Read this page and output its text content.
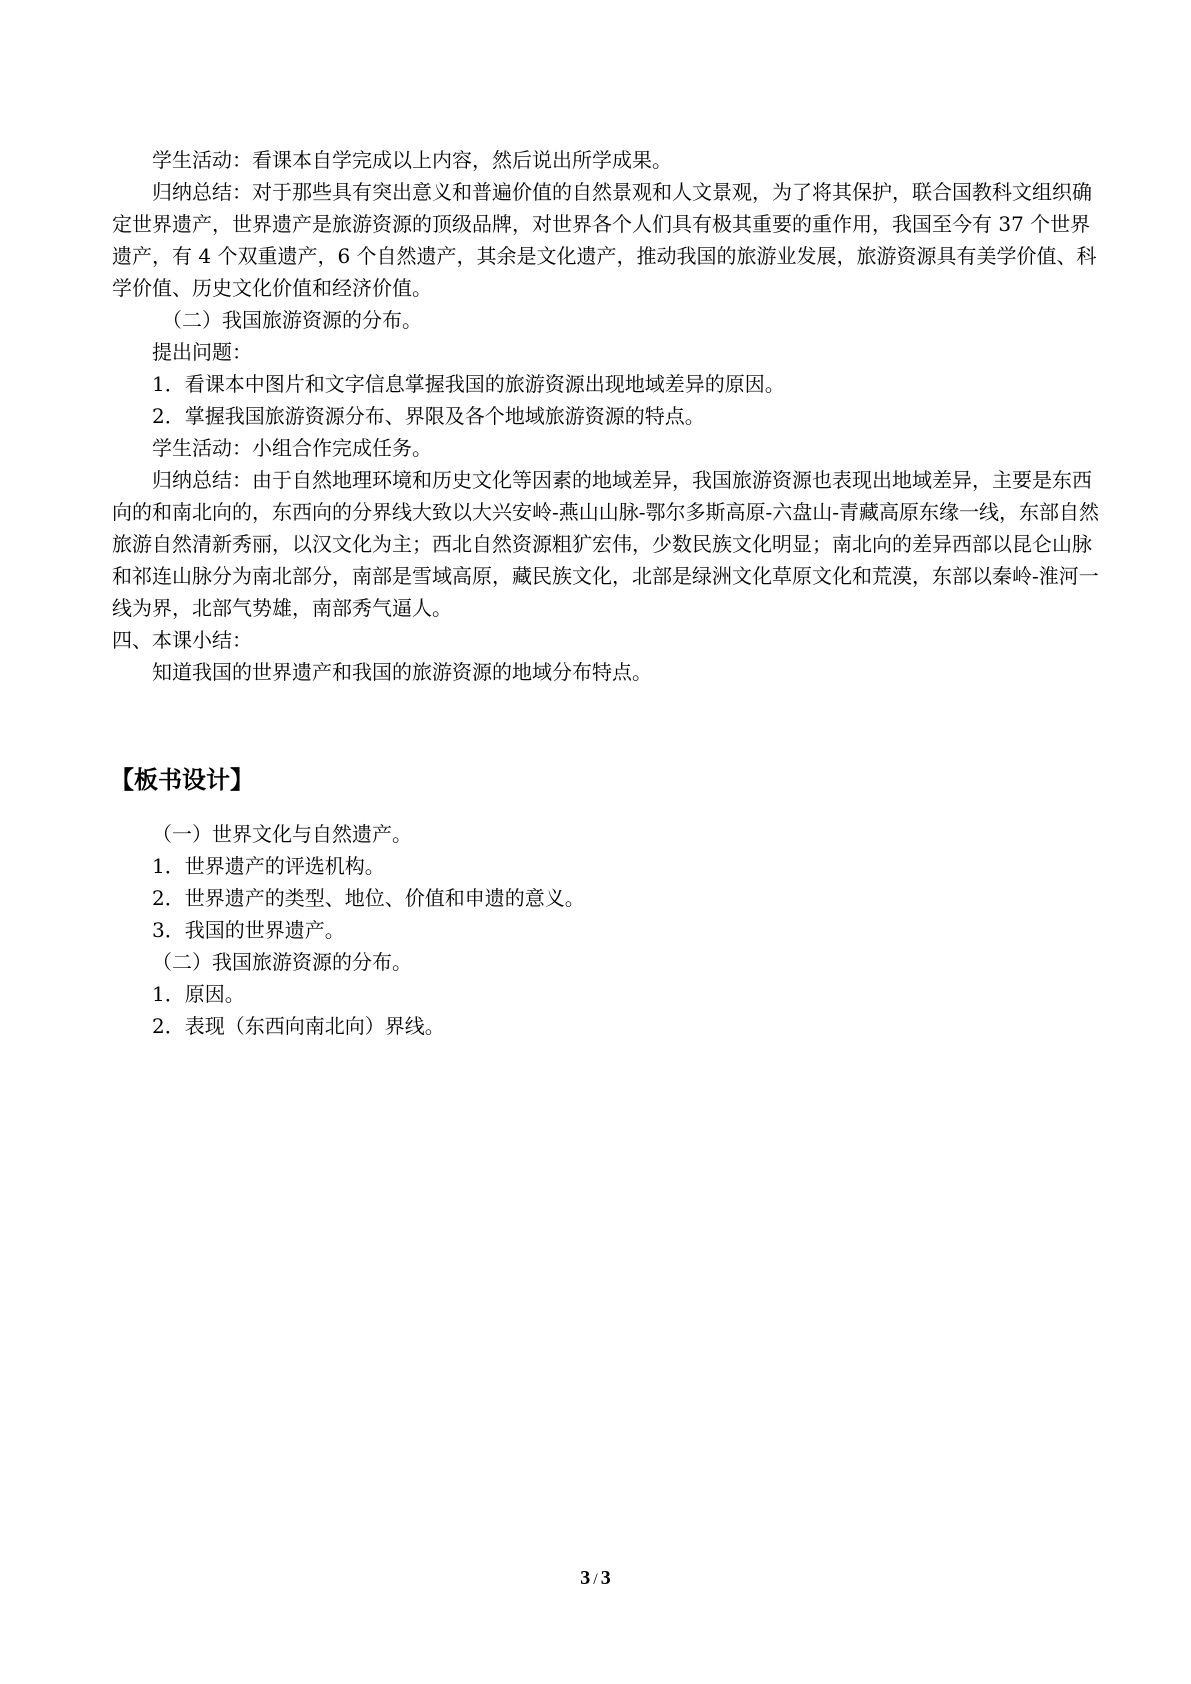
学生活动：看课本自学完成以上内容，然后说出所学成果。

归纳总结：对于那些具有突出意义和普遍价值的自然景观和人文景观，为了将其保护，联合国教科文组织确定世界遗产，世界遗产是旅游资源的顶级品牌，对世界各个人们具有极其重要的重作用，我国至今有 37 个世界遗产，有 4 个双重遗产，6 个自然遗产，其余是文化遗产，推动我国的旅游业发展，旅游资源具有美学价值、科学价值、历史文化价值和经济价值。

（二）我国旅游资源的分布。

提出问题：

1．看课本中图片和文字信息掌握我国的旅游资源出现地域差异的原因。

2．掌握我国旅游资源分布、界限及各个地域旅游资源的特点。

学生活动：小组合作完成任务。

归纳总结：由于自然地理环境和历史文化等因素的地域差异，我国旅游资源也表现出地域差异，主要是东西向的和南北向的，东西向的分界线大致以大兴安岭-燕山山脉-鄂尔多斯高原-六盘山-青藏高原东缘一线，东部自然旅游自然清新秀丽，以汉文化为主；西北自然资源粗犷宏伟，少数民族文化明显；南北向的差异西部以昆仑山脉和祁连山脉分为南北部分，南部是雪域高原，藏民族文化，北部是绿洲文化草原文化和荒漠，东部以秦岭-淮河一线为界，北部气势雄，南部秀气逼人。

四、本课小结：

知道我国的世界遗产和我国的旅游资源的地域分布特点。

【板书设计】

（一）世界文化与自然遗产。

1．世界遗产的评选机构。

2．世界遗产的类型、地位、价值和申遗的意义。

3．我国的世界遗产。

（二）我国旅游资源的分布。

1．原因。

2．表现（东西向南北向）界线。

3 / 3
